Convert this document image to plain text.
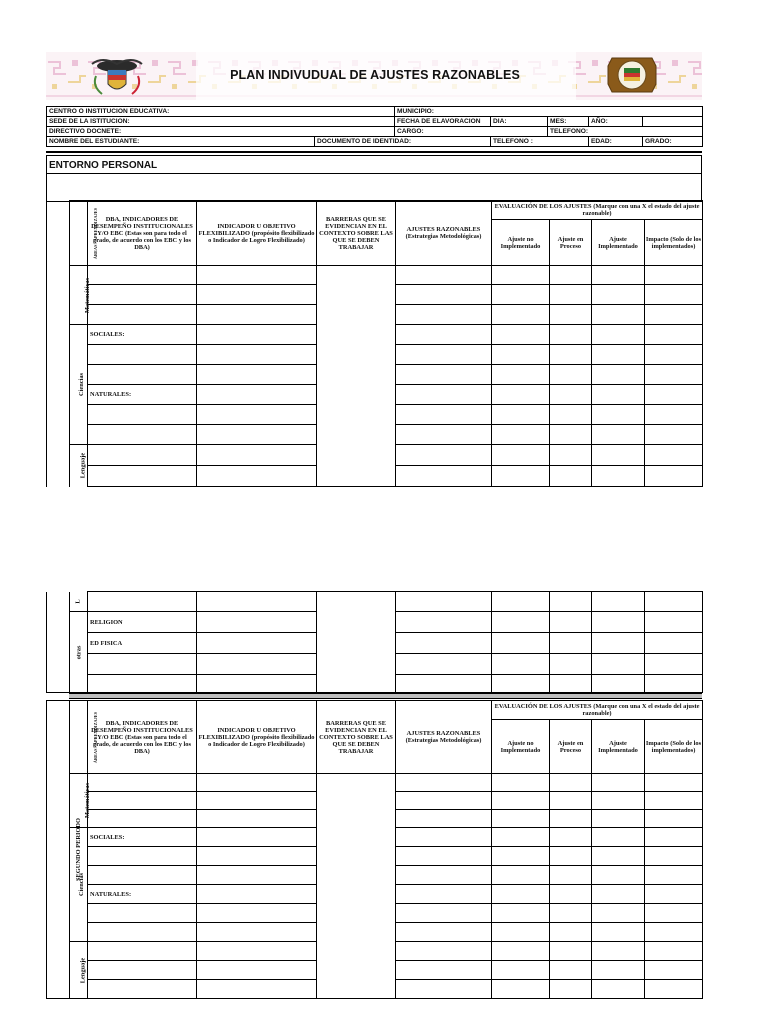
PLAN INDIVUDUAL DE AJUSTES RAZONABLES
CENTRO O INSTITUCION EDUCATIVA:		MUNICIPIO:				
SEDE DE LA ISTITUCION:		FECHA DE ELAVORACION	DIA:	MES:	AÑO:	
DIRECTIVO DOCNETE:		CARGO:		TELEFONO:		
NOMBRE DEL ESTUDIANTE:	DOCUMENTO DE IDENTIDAD:		TELEFONO :		EDAD:	GRADO:
ENTORNO PERSONAL
	ÁREAS / APRENDIZAJES	DBA, INDICADORES DE DESEMPEÑO INSTITUCIONALES Y/O EBC (Estas son para todo el grado, de acuerdo con los EBC y los DBA)	INDICADOR U OBJETIVO FLEXIBILIZADO (propósito flexibilizado o Indicador de Logro Flexibilizado)	BARRERAS QUE SE EVIDENCIAN EN EL CONTEXTO SOBRE LAS QUE SE DEBEN TRABAJAR	AJUSTES RAZONABLES (Estrategias Metodológicas)	EVALUACIÓN DE LOS AJUSTES (Marque con una X el estado del ajuste razonable)			
						Ajuste no Implementado	Ajuste en Proceso	Ajuste Implementado	Impacto (Solo de los implementados)
	Matemáticas								

	Ciencias	SOCIALES:							

		NATURALES:							

	Lenguaje								

	L								
	otras	RELIGION							
		ED FISICA							

SEGUNDO PERIODO	ÁREAS / APRENDIZAJES	DBA, INDICADORES DE DESEMPEÑO INSTITUCIONALES Y/O EBC (Estas son para todo el grado, de acuerdo con los EBC y los DBA)	INDICADOR U OBJETIVO FLEXIBILIZADO (propósito flexibilizado o Indicador de Logro Flexibilizado)	BARRERAS QUE SE EVIDENCIAN EN EL CONTEXTO SOBRE LAS QUE SE DEBEN TRABAJAR	AJUSTES RAZONABLES (Estrategias Metodológicas)	EVALUACIÓN DE LOS AJUSTES (Marque con una X el estado del ajuste razonable)			
						Ajuste no Implementado	Ajuste en Proceso	Ajuste Implementado	Impacto (Solo de los implementados)
	Matemáticas								

	Ciencias	SOCIALES:							

		NATURALES:							

	Lenguaje								
